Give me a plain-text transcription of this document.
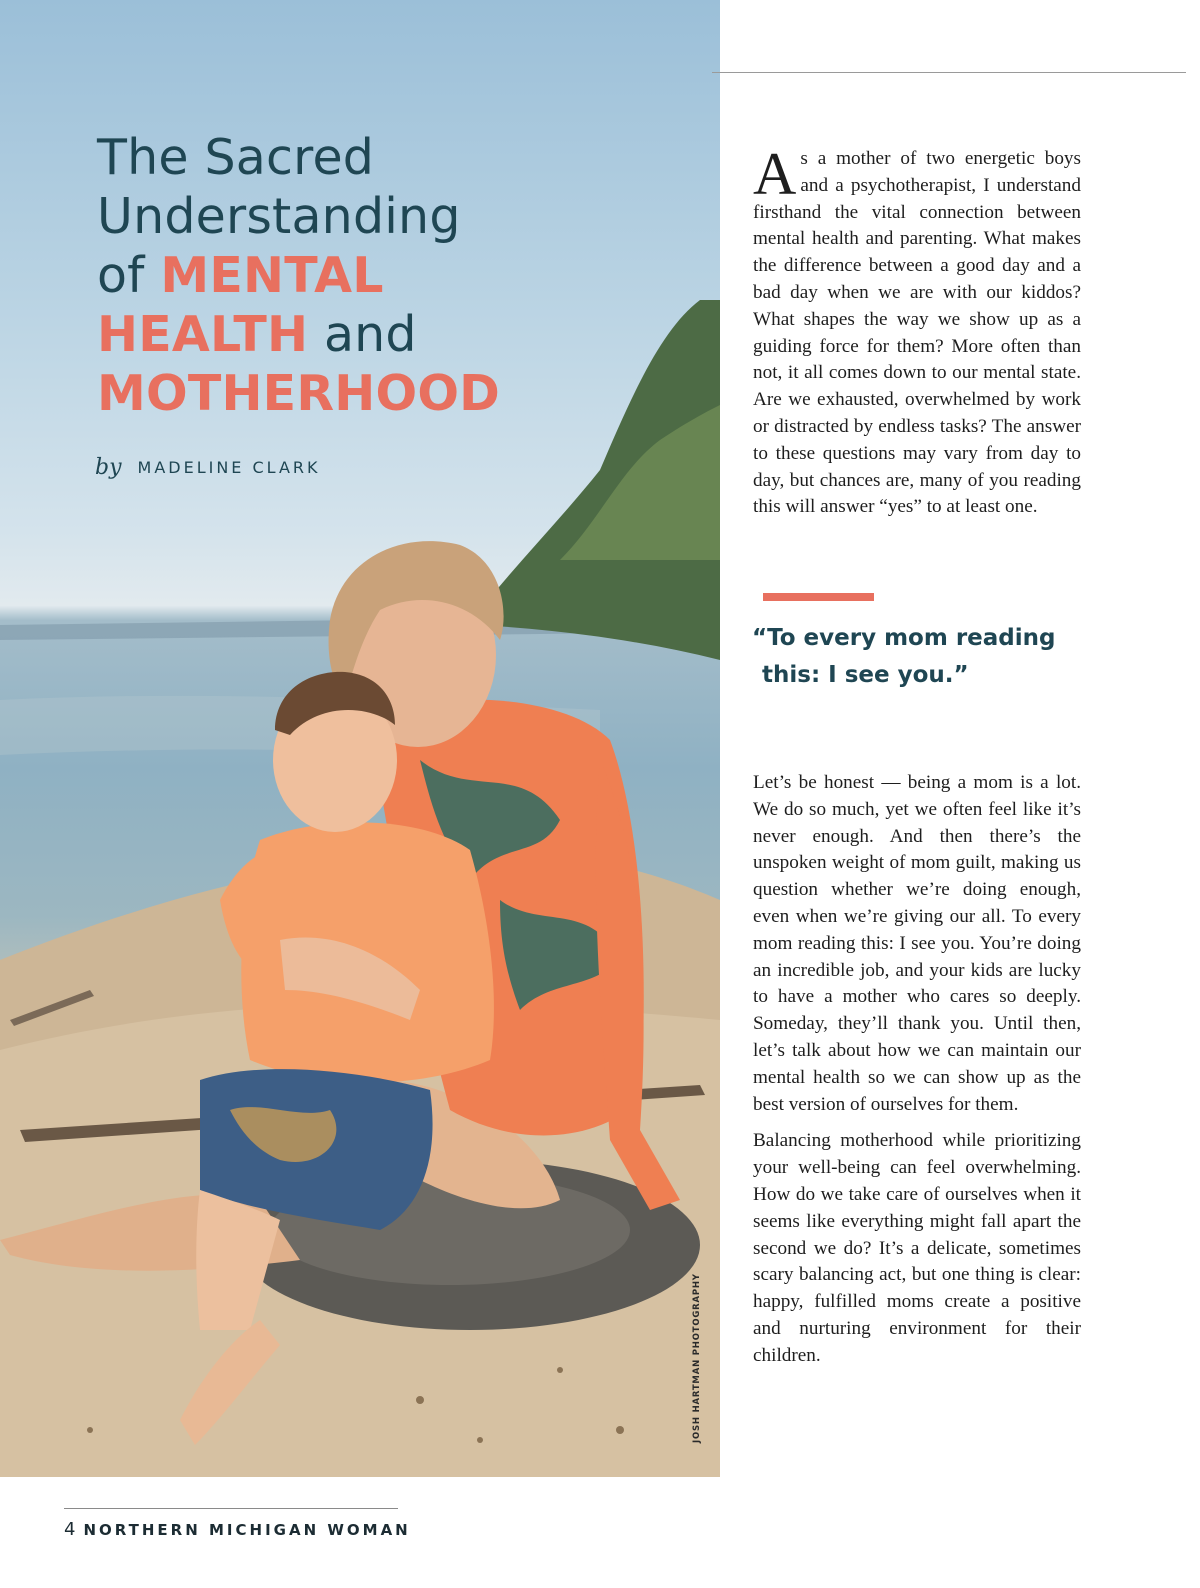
The Sacred
Understanding
of MENTAL
HEALTH and
MOTHERHOOD
by MADELINE CLARK
JOSH HARTMAN PHOTOGRAPHY

As a mother of two energetic boys and a psychotherapist, I understand firsthand the vital connection between mental health and parenting. What makes the difference between a good day and a bad day when we are with our kiddos? What shapes the way we show up as a guiding force for them? More often than not, it all comes down to our mental state. Are we exhausted, overwhelmed by work or distracted by endless tasks? The answer to these questions may vary from day to day, but chances are, many of you reading this will answer “yes” to at least one.

“To every mom reading
this: I see you.”

Let’s be honest — being a mom is a lot. We do so much, yet we often feel like it’s never enough. And then there’s the unspoken weight of mom guilt, making us question whether we’re doing enough, even when we’re giving our all. To every mom reading this: I see you. You’re doing an incredible job, and your kids are lucky to have a mother who cares so deeply. Someday, they’ll thank you. Until then, let’s talk about how we can maintain our mental health so we can show up as the best version of ourselves for them.

Balancing motherhood while prioritizing your well-being can feel overwhelming. How do we take care of ourselves when it seems like everything might fall apart the second we do? It’s a delicate, sometimes scary balancing act, but one thing is clear: happy, fulfilled moms create a positive and nurturing environment for their children.

4 NORTHERN MICHIGAN WOMAN
